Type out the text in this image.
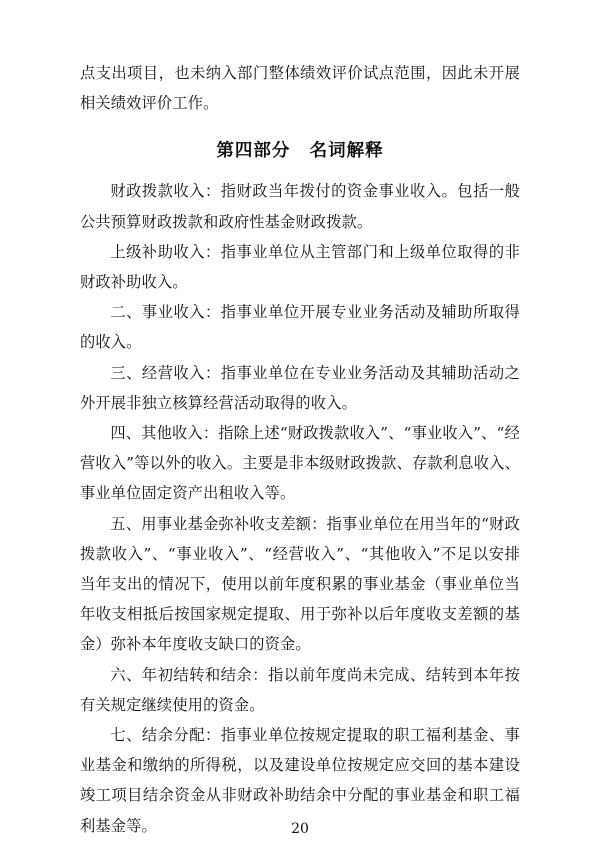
点支出项目，也未纳入部门整体绩效评价试点范围，因此未开展相关绩效评价工作。

第四部分 名词解释

财政拨款收入：指财政当年拨付的资金事业收入。包括一般公共预算财政拨款和政府性基金财政拨款。

上级补助收入：指事业单位从主管部门和上级单位取得的非财政补助收入。

二、事业收入：指事业单位开展专业业务活动及辅助所取得的收入。

三、经营收入：指事业单位在专业业务活动及其辅助活动之外开展非独立核算经营活动取得的收入。

四、其他收入：指除上述“财政拨款收入”、“事业收入”、“经营收入”等以外的收入。主要是非本级财政拨款、存款利息收入、事业单位固定资产出租收入等。

五、用事业基金弥补收支差额：指事业单位在用当年的“财政拨款收入”、“事业收入”、“经营收入”、“其他收入”不足以安排当年支出的情况下，使用以前年度积累的事业基金（事业单位当年收支相抵后按国家规定提取、用于弥补以后年度收支差额的基金）弥补本年度收支缺口的资金。

六、年初结转和结余：指以前年度尚未完成、结转到本年按有关规定继续使用的资金。

七、结余分配：指事业单位按规定提取的职工福利基金、事业基金和缴纳的所得税，以及建设单位按规定应交回的基本建设竣工项目结余资金从非财政补助结余中分配的事业基金和职工福利基金等。	20
